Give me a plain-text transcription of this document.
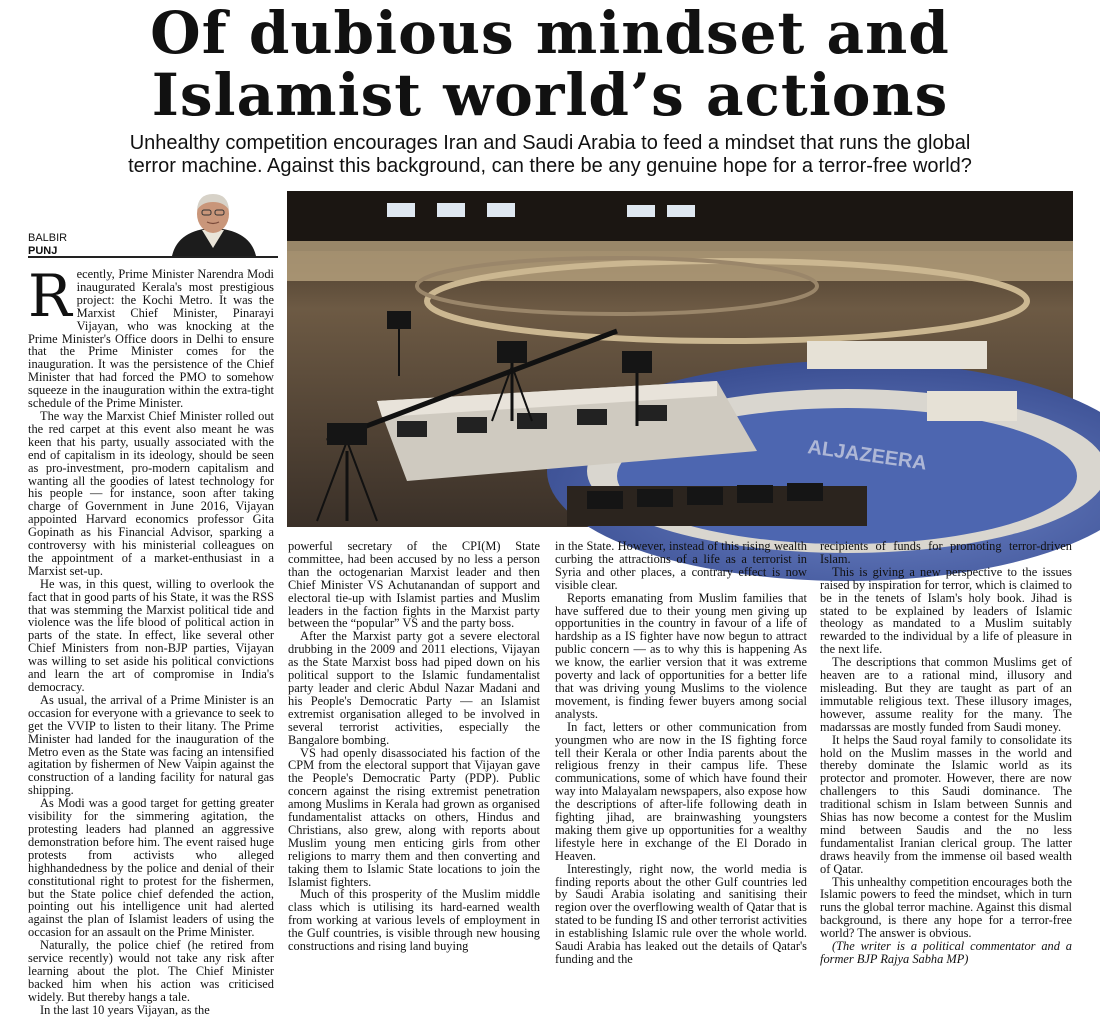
Of dubious mindset and
Islamist world’s actions
Unhealthy competition encourages Iran and Saudi Arabia to feed a mindset that runs the global
terror machine. Against this background, can there be any genuine hope for a terror-free world?
BALBIR
PUNJ
ALJAZEERA

Recently, Prime Minister Narendra Modi inaugurated Kerala's most prestigious project: the Kochi Metro. It was the Marxist Chief Minister, Pinarayi Vijayan, who was knocking at the Prime Minister's Office doors in Delhi to ensure that the Prime Minister comes for the inauguration. It was the persistence of the Chief Minister that had forced the PMO to somehow squeeze in the inauguration within the extra-tight schedule of the Prime Minister.

The way the Marxist Chief Minister rolled out the red carpet at this event also meant he was keen that his party, usually associated with the end of capitalism in its ideology, should be seen as pro-investment, pro-modern capitalism and wanting all the goodies of latest technology for his people — for instance, soon after taking charge of Government in June 2016, Vijayan appointed Harvard economics professor Gita Gopinath as his Financial Advisor, sparking a controversy with his ministerial colleagues on the appointment of a market-enthusiast in a Marxist set-up.

He was, in this quest, willing to overlook the fact that in good parts of his State, it was the RSS that was stemming the Marxist political tide and violence was the life blood of political action in parts of the state. In effect, like several other Chief Ministers from non-BJP parties, Vijayan was willing to set aside his political convictions and learn the art of compromise in India's democracy.

As usual, the arrival of a Prime Minister is an occasion for everyone with a grievance to seek to get the VVIP to listen to their litany. The Prime Minister had landed for the inauguration of the Metro even as the State was facing an intensified agitation by fishermen of New Vaipin against the construction of a landing facility for natural gas shipping.

As Modi was a good target for getting greater visibility for the simmering agitation, the protesting leaders had planned an aggressive demonstration before him. The event raised huge protests from activists who alleged highhandedness by the police and denial of their constitutional right to protest for the fishermen, but the State police chief defended the action, pointing out his intelligence unit had alerted against the plan of Islamist leaders of using the occasion for an assault on the Prime Minister.

Naturally, the police chief (he retired from service recently) would not take any risk after learning about the plot. The Chief Minister backed him when his action was criticised widely. But thereby hangs a tale.

In the last 10 years Vijayan, as the

powerful secretary of the CPI(M) State committee, had been accused by no less a person than the octogenarian Marxist leader and then Chief Minister VS Achutanandan of support and electoral tie-up with Islamist parties and Muslim leaders in the faction fights in the Marxist party between the “popular” VS and the party boss.

After the Marxist party got a severe electoral drubbing in the 2009 and 2011 elections, Vijayan as the State Marxist boss had piped down on his political support to the Islamic fundamentalist party leader and cleric Abdul Nazar Madani and his People's Democratic Party — an Islamist extremist organisation alleged to be involved in several terrorist activities, especially the Bangalore bombing.

VS had openly disassociated his faction of the CPM from the electoral support that Vijayan gave the People's Democratic Party (PDP). Public concern against the rising extremist penetration among Muslims in Kerala had grown as organised fundamentalist attacks on others, Hindus and Christians, also grew, along with reports about Muslim young men enticing girls from other religions to marry them and then converting and taking them to Islamic State locations to join the Islamist fighters.

Much of this prosperity of the Muslim middle class which is utilising its hard-earned wealth from working at various levels of employment in the Gulf countries, is visible through new housing constructions and rising land buying

in the State. However, instead of this rising wealth curbing the attractions of a life as a terrorist in Syria and other places, a contrary effect is now visible clear.

Reports emanating from Muslim families that have suffered due to their young men giving up opportunities in the country in favour of a life of hardship as a IS fighter have now begun to attract public concern — as to why this is happening As we know, the earlier version that it was extreme poverty and lack of opportunities for a better life that was driving young Muslims to the violence movement, is finding fewer buyers among social analysts.

In fact, letters or other communication from youngmen who are now in the IS fighting force tell their Kerala or other India parents about the religious frenzy in their campus life. These communications, some of which have found their way into Malayalam newspapers, also expose how the descriptions of after-life following death in fighting jihad, are brainwashing youngsters making them give up opportunities for a wealthy lifestyle here in exchange of the El Dorado in Heaven.

Interestingly, right now, the world media is finding reports about the other Gulf countries led by Saudi Arabia isolating and sanitising their region over the overflowing wealth of Qatar that is stated to be funding IS and other terrorist activities in establishing Islamic rule over the whole world. Saudi Arabia has leaked out the details of Qatar's funding and the

recipients of funds for promoting terror-driven Islam.

This is giving a new perspective to the issues raised by inspiration for terror, which is claimed to be in the tenets of Islam's holy book. Jihad is stated to be explained by leaders of Islamic theology as mandated to a Muslim suitably rewarded to the individual by a life of pleasure in the next life.

The descriptions that common Muslims get of heaven are to a rational mind, illusory and misleading. But they are taught as part of an immutable religious text. These illusory images, however, assume reality for the many. The madarssas are mostly funded from Saudi money.

It helps the Saud royal family to consolidate its hold on the Muslim masses in the world and thereby dominate the Islamic world as its protector and promoter. However, there are now challengers to this Saudi dominance. The traditional schism in Islam between Sunnis and Shias has now become a contest for the Muslim mind between Saudis and the no less fundamentalist Iranian clerical group. The latter draws heavily from the immense oil based wealth of Qatar.

This unhealthy competition encourages both the Islamic powers to feed the mindset, which in turn runs the global terror machine. Against this dismal background, is there any hope for a terror-free world? The answer is obvious.

(The writer is a political commentator and a former BJP Rajya Sabha MP)
